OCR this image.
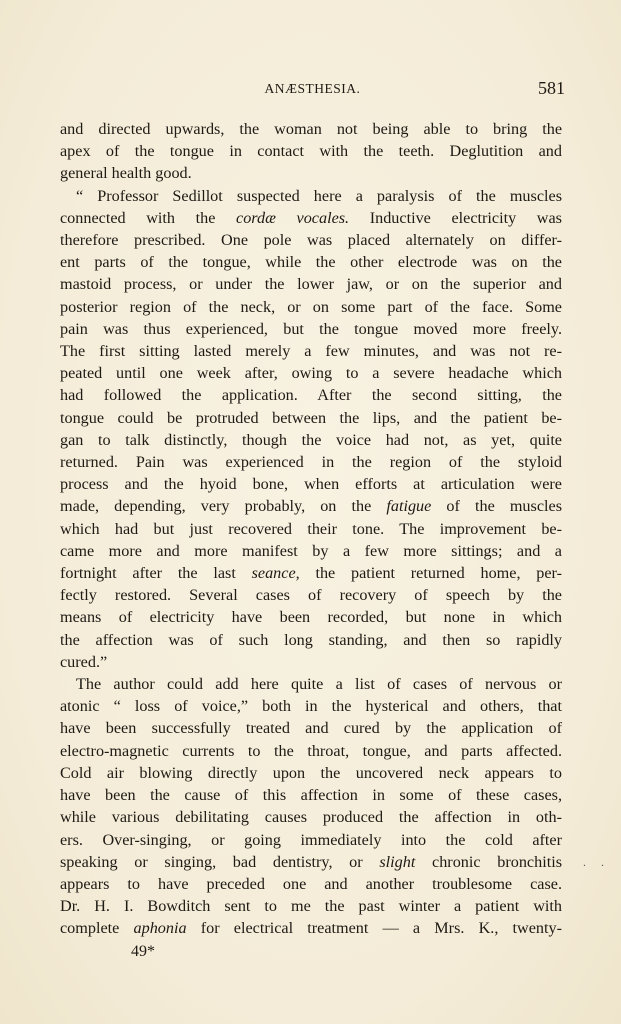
ANÆSTHESIA.	581
and directed upwards, the woman not being able to bring the
apex of the tongue in contact with the teeth. Deglutition and
general health good.
“ Professor Sedillot suspected here a paralysis of the muscles
connected with the cordæ vocales. Inductive electricity was
therefore prescribed. One pole was placed alternately on differ-
ent parts of the tongue, while the other electrode was on the
mastoid process, or under the lower jaw, or on the superior and
posterior region of the neck, or on some part of the face. Some
pain was thus experienced, but the tongue moved more freely.
The first sitting lasted merely a few minutes, and was not re-
peated until one week after, owing to a severe headache which
had followed the application. After the second sitting, the
tongue could be protruded between the lips, and the patient be-
gan to talk distinctly, though the voice had not, as yet, quite
returned. Pain was experienced in the region of the styloid
process and the hyoid bone, when efforts at articulation were
made, depending, very probably, on the fatigue of the muscles
which had but just recovered their tone. The improvement be-
came more and more manifest by a few more sittings; and a
fortnight after the last seance, the patient returned home, per-
fectly restored. Several cases of recovery of speech by the
means of electricity have been recorded, but none in which
the affection was of such long standing, and then so rapidly
cured.”
The author could add here quite a list of cases of nervous or
atonic “ loss of voice,” both in the hysterical and others, that
have been successfully treated and cured by the application of
electro-magnetic currents to the throat, tongue, and parts affected.
Cold air blowing directly upon the uncovered neck appears to
have been the cause of this affection in some of these cases,
while various debilitating causes produced the affection in oth-
ers. Over-singing, or going immediately into the cold after
speaking or singing, bad dentistry, or slight chronic bronchitis
appears to have preceded one and another troublesome case.
Dr. H. I. Bowditch sent to me the past winter a patient with
complete aphonia for electrical treatment — a Mrs. K., twenty-
. .
49*
